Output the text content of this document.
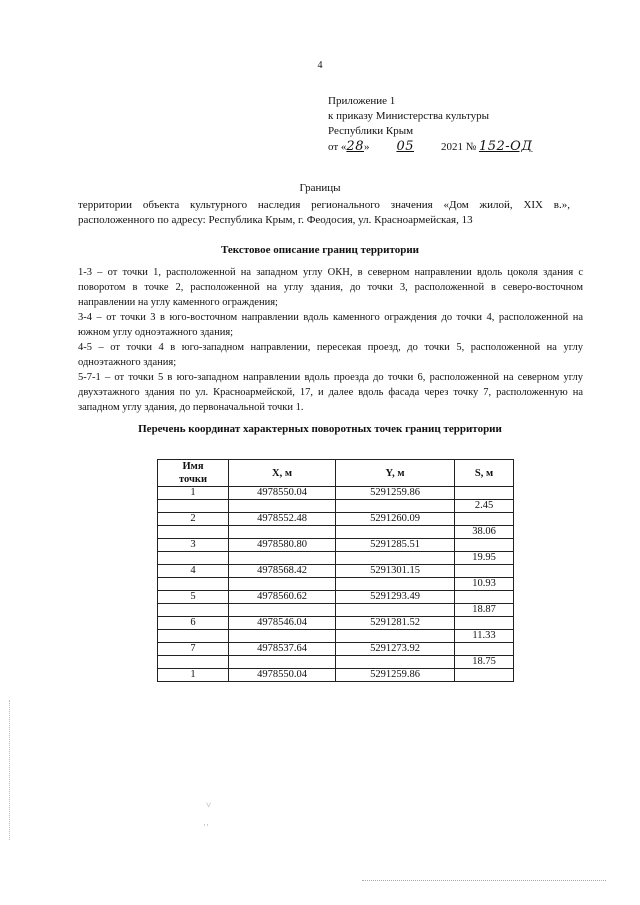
4
Приложение 1
к приказу Министерства культуры
Республики Крым
от «28» 05 2021 № 152-ОД
Границы
территории объекта культурного наследия регионального значения «Дом жилой, XIX в.», расположенного по адресу: Республика Крым, г. Феодосия, ул. Красноармейская, 13
Текстовое описание границ территории

1-3 – от точки 1, расположенной на западном углу ОКН, в северном направлении вдоль цоколя здания с поворотом в точке 2, расположенной на углу здания, до точки 3, расположенной в северо-восточном направлении на углу каменного ограждения;

3-4 – от точки 3 в юго-восточном направлении вдоль каменного ограждения до точки 4, расположенной на южном углу одноэтажного здания;

4-5 – от точки 4 в юго-западном направлении, пересекая проезд, до точки 5, расположенной на углу одноэтажного здания;

5-7-1 – от точки 5 в юго-западном направлении вдоль проезда до точки 6, расположенной на северном углу двухэтажного здания по ул. Красноармейской, 17, и далее вдоль фасада через точку 7, расположенную на западном углу здания, до первоначальной точки 1.

Перечень координат характерных поворотных точек границ территории
Имя
точки	X, м	Y, м	S, м
1	4978550.04	5291259.86	
			2.45
2	4978552.48	5291260.09	
			38.06
3	4978580.80	5291285.51	
			19.95
4	4978568.42	5291301.15	
			10.93
5	4978560.62	5291293.49	
			18.87
6	4978546.04	5291281.52	
			11.33
7	4978537.64	5291273.92	
			18.75
1	4978550.04	5291259.86	
˅
··
